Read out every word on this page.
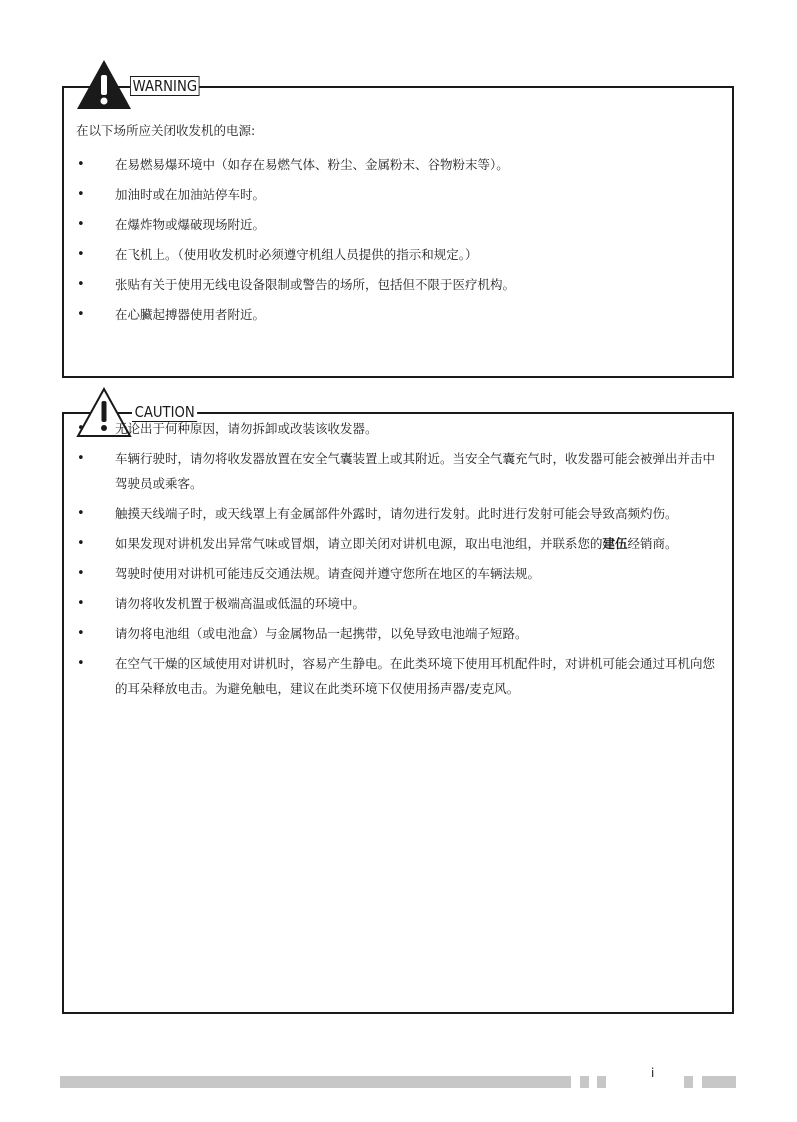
WARNING

在以下场所应关闭收发机的电源:

• 在易燃易爆环境中（如存在易燃气体、粉尘、金属粉末、谷物粉末等）。
• 加油时或在加油站停车时。
• 在爆炸物或爆破现场附近。
• 在飞机上。（使用收发机时必须遵守机组人员提供的指示和规定。）
• 张贴有关于使用无线电设备限制或警告的场所，包括但不限于医疗机构。
• 在心臟起搏器使用者附近。
CAUTION
• 无论出于何种原因，请勿拆卸或改装该收发器。
• 车辆行驶时，请勿将收发器放置在安全气囊装置上或其附近。当安全气囊充气时，收发器可能会被弹出并击中驾驶员或乘客。
• 触摸天线端子时，或天线罩上有金属部件外露时，请勿进行发射。此时进行发射可能会导致高频灼伤。
• 如果发现对讲机发出异常气味或冒烟，请立即关闭对讲机电源，取出电池组，并联系您的建伍经销商。
• 驾驶时使用对讲机可能违反交通法规。请查阅并遵守您所在地区的车辆法规。
• 请勿将收发机置于极端高温或低温的环境中。
• 请勿将电池组（或电池盒）与金属物品一起携带，以免导致电池端子短路。
• 在空气干燥的区域使用对讲机时，容易产生静电。在此类环境下使用耳机配件时，对讲机可能会通过耳机向您的耳朵释放电击。为避免触电，建议在此类环境下仅使用扬声器/麦克风。
i
